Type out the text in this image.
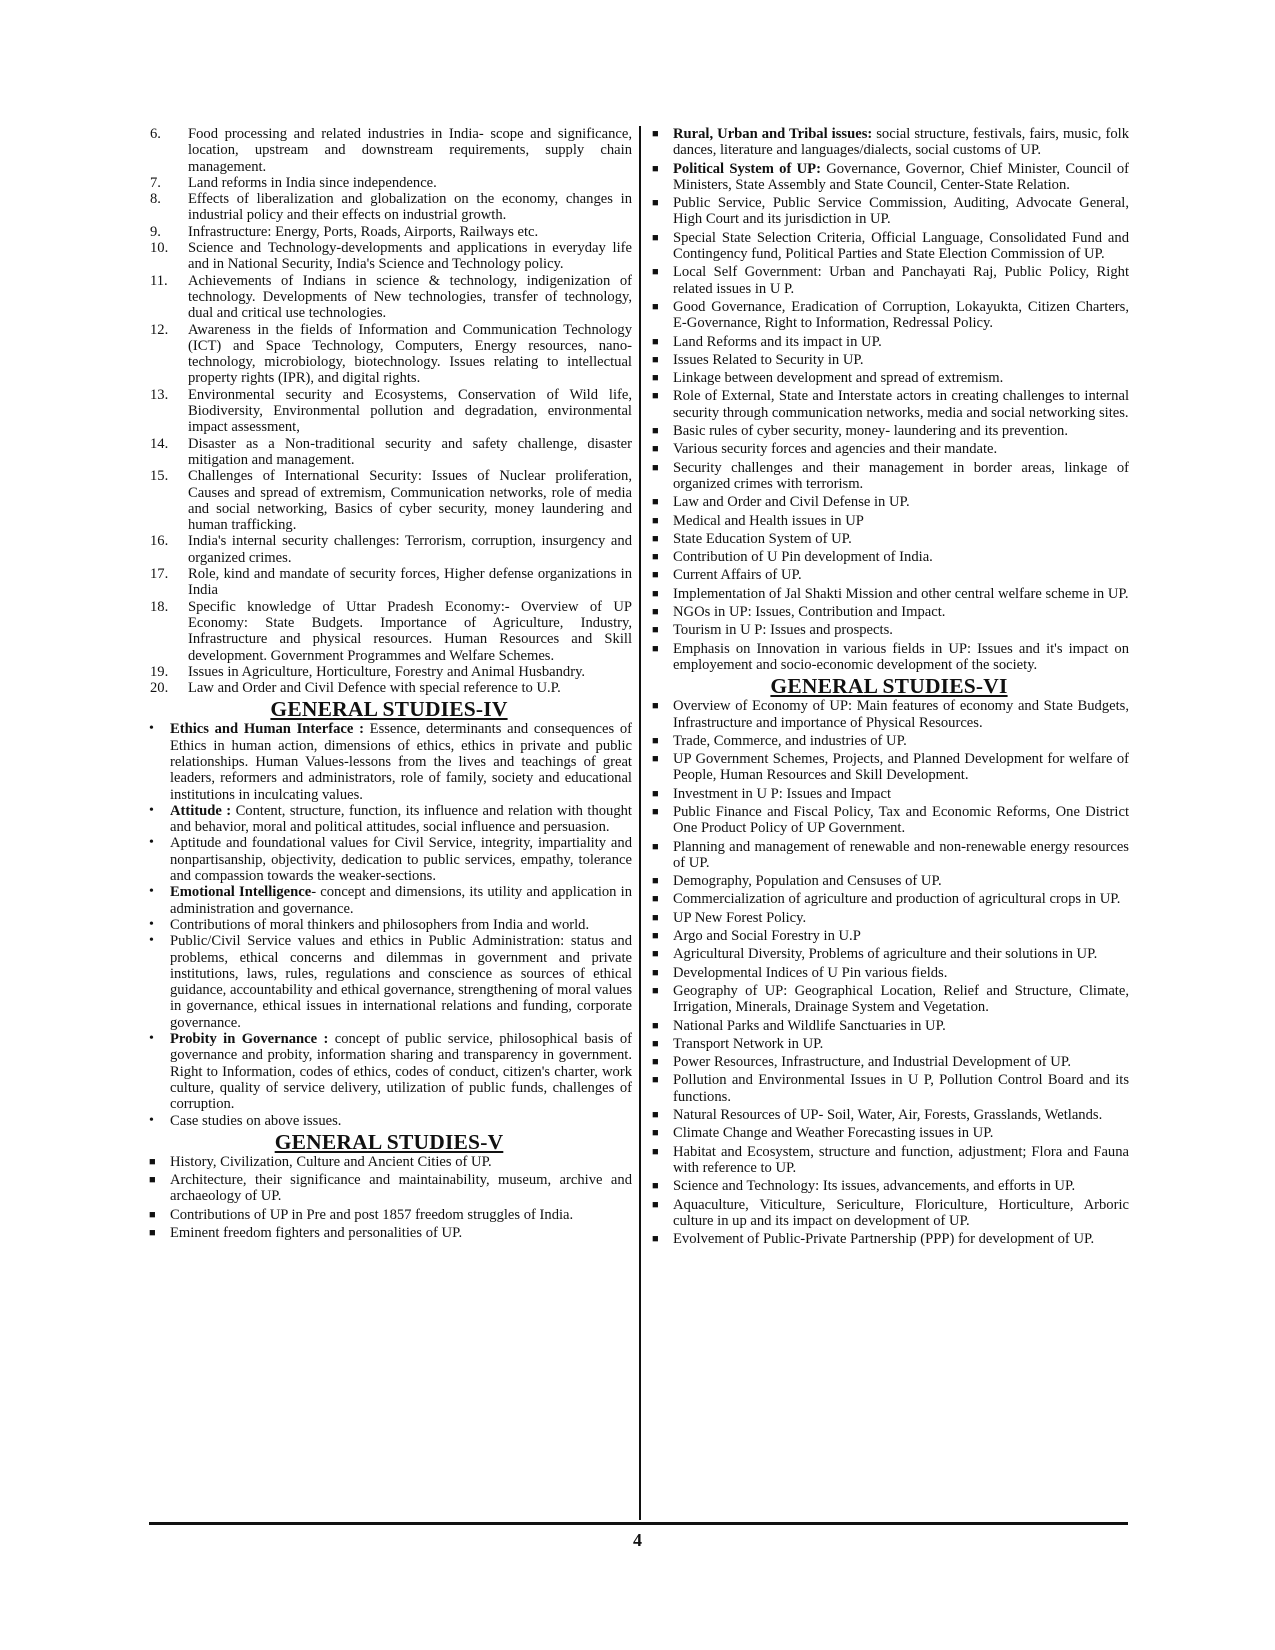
6. Food processing and related industries in India- scope and significance, location, upstream and downstream requirements, supply chain management.
7. Land reforms in India since independence.
8. Effects of liberalization and globalization on the economy, changes in industrial policy and their effects on industrial growth.
9. Infrastructure: Energy, Ports, Roads, Airports, Railways etc.
10. Science and Technology-developments and applications in everyday life and in National Security, India's Science and Technology policy.
11. Achievements of Indians in science & technology, indigenization of technology. Developments of New technologies, transfer of technology, dual and critical use technologies.
12. Awareness in the fields of Information and Communication Technology (ICT) and Space Technology, Computers, Energy resources, nano- technology, microbiology, biotechnology. Issues relating to intellectual property rights (IPR), and digital rights.
13. Environmental security and Ecosystems, Conservation of Wild life, Biodiversity, Environmental pollution and degradation, environmental impact assessment,
14. Disaster as a Non-traditional security and safety challenge, disaster mitigation and management.
15. Challenges of International Security: Issues of Nuclear proliferation, Causes and spread of extremism, Communication networks, role of media and social networking, Basics of cyber security, money laundering and human trafficking.
16. India's internal security challenges: Terrorism, corruption, insurgency and organized crimes.
17. Role, kind and mandate of security forces, Higher defense organizations in India
18. Specific knowledge of Uttar Pradesh Economy:- Overview of UP Economy: State Budgets. Importance of Agriculture, Industry, Infrastructure and physical resources. Human Resources and Skill development. Government Programmes and Welfare Schemes.
19. Issues in Agriculture, Horticulture, Forestry and Animal Husbandry.
20. Law and Order and Civil Defence with special reference to U.P.
GENERAL STUDIES-IV
• Ethics and Human Interface : Essence, determinants and consequences of Ethics in human action, dimensions of ethics, ethics in private and public relationships. Human Values-lessons from the lives and teachings of great leaders, reformers and administrators, role of family, society and educational institutions in inculcating values.
• Attitude : Content, structure, function, its influence and relation with thought and behavior, moral and political attitudes, social influence and persuasion.
• Aptitude and foundational values for Civil Service, integrity, impartiality and nonpartisanship, objectivity, dedication to public services, empathy, tolerance and compassion towards the weaker-sections.
• Emotional Intelligence- concept and dimensions, its utility and application in administration and governance.
• Contributions of moral thinkers and philosophers from India and world.
• Public/Civil Service values and ethics in Public Administration: status and problems, ethical concerns and dilemmas in government and private institutions, laws, rules, regulations and conscience as sources of ethical guidance, accountability and ethical governance, strengthening of moral values in governance, ethical issues in international relations and funding, corporate governance.
• Probity in Governance : concept of public service, philosophical basis of governance and probity, information sharing and transparency in government. Right to Information, codes of ethics, codes of conduct, citizen's charter, work culture, quality of service delivery, utilization of public funds, challenges of corruption.
• Case studies on above issues.
GENERAL STUDIES-V
■ History, Civilization, Culture and Ancient Cities of UP.
■ Architecture, their significance and maintainability, museum, archive and archaeology of UP.
■ Contributions of UP in Pre and post 1857 freedom struggles of India.
■ Eminent freedom fighters and personalities of UP.
■ Rural, Urban and Tribal issues: social structure, festivals, fairs, music, folk dances, literature and languages/dialects, social customs of UP.
■ Political System of UP: Governance, Governor, Chief Minister, Council of Ministers, State Assembly and State Council, Center-State Relation.
■ Public Service, Public Service Commission, Auditing, Advocate General, High Court and its jurisdiction in UP.
■ Special State Selection Criteria, Official Language, Consolidated Fund and Contingency fund, Political Parties and State Election Commission of UP.
■ Local Self Government: Urban and Panchayati Raj, Public Policy, Right related issues in U P.
■ Good Governance, Eradication of Corruption, Lokayukta, Citizen Charters, E-Governance, Right to Information, Redressal Policy.
■ Land Reforms and its impact in UP.
■ Issues Related to Security in UP.
■ Linkage between development and spread of extremism.
■ Role of External, State and Interstate actors in creating challenges to internal security through communication networks, media and social networking sites.
■ Basic rules of cyber security, money- laundering and its prevention.
■ Various security forces and agencies and their mandate.
■ Security challenges and their management in border areas, linkage of organized crimes with terrorism.
■ Law and Order and Civil Defense in UP.
■ Medical and Health issues in UP
■ State Education System of UP.
■ Contribution of U Pin development of India.
■ Current Affairs of UP.
■ Implementation of Jal Shakti Mission and other central welfare scheme in UP.
■ NGOs in UP: Issues, Contribution and Impact.
■ Tourism in U P: Issues and prospects.
■ Emphasis on Innovation in various fields in UP: Issues and it's impact on employement and socio-economic development of the society.
GENERAL STUDIES-VI
■ Overview of Economy of UP: Main features of economy and State Budgets, Infrastructure and importance of Physical Resources.
■ Trade, Commerce, and industries of UP.
■ UP Government Schemes, Projects, and Planned Development for welfare of People, Human Resources and Skill Development.
■ Investment in U P: Issues and Impact
■ Public Finance and Fiscal Policy, Tax and Economic Reforms, One District One Product Policy of UP Government.
■ Planning and management of renewable and non-renewable energy resources of UP.
■ Demography, Population and Censuses of UP.
■ Commercialization of agriculture and production of agricultural crops in UP.
■ UP New Forest Policy.
■ Argo and Social Forestry in U.P
■ Agricultural Diversity, Problems of agriculture and their solutions in UP.
■ Developmental Indices of U Pin various fields.
■ Geography of UP: Geographical Location, Relief and Structure, Climate, Irrigation, Minerals, Drainage System and Vegetation.
■ National Parks and Wildlife Sanctuaries in UP.
■ Transport Network in UP.
■ Power Resources, Infrastructure, and Industrial Development of UP.
■ Pollution and Environmental Issues in U P, Pollution Control Board and its functions.
■ Natural Resources of UP- Soil, Water, Air, Forests, Grasslands, Wetlands.
■ Climate Change and Weather Forecasting issues in UP.
■ Habitat and Ecosystem, structure and function, adjustment; Flora and Fauna with reference to UP.
■ Science and Technology: Its issues, advancements, and efforts in UP.
■ Aquaculture, Viticulture, Sericulture, Floriculture, Horticulture, Arboric culture in up and its impact on development of UP.
■ Evolvement of Public-Private Partnership (PPP) for development of UP.
4
